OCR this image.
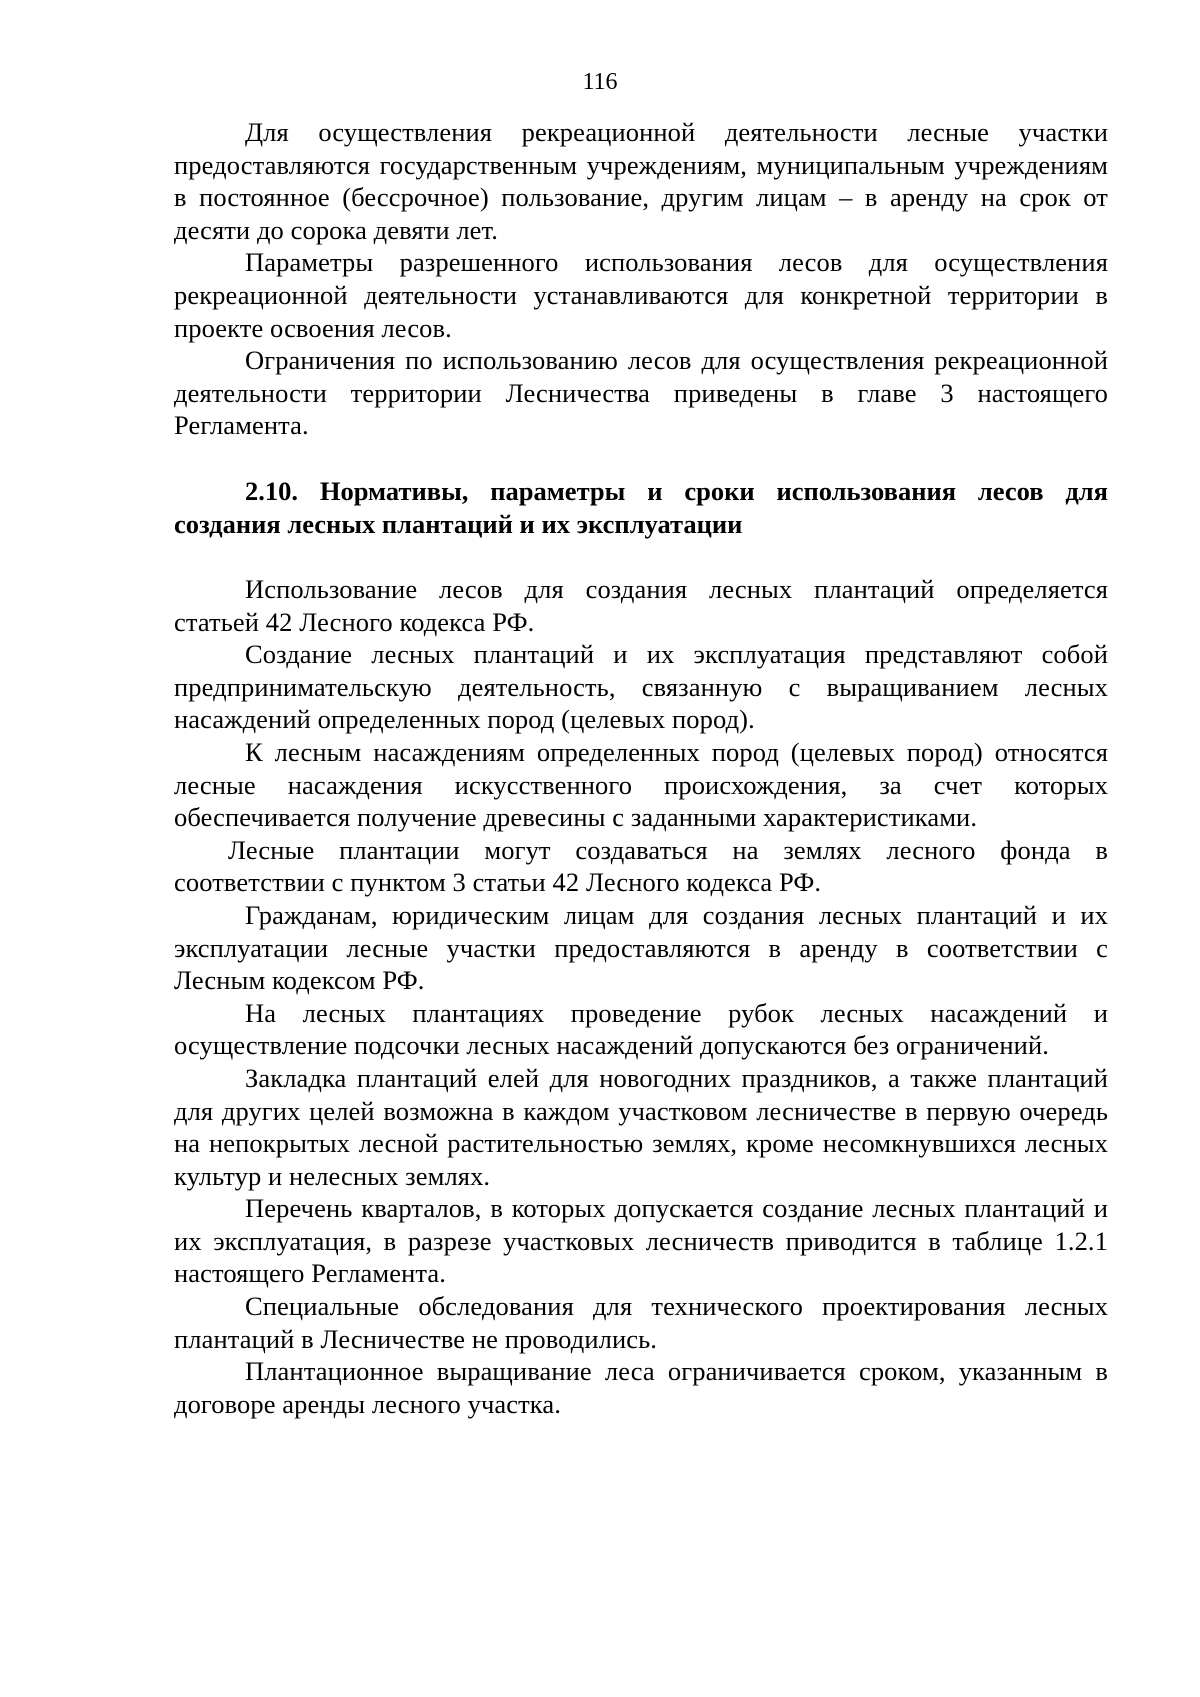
116

Для осуществления рекреационной деятельности лесные участки предоставляются государственным учреждениям, муниципальным учреждениям в постоянное (бессрочное) пользование, другим лицам – в аренду на срок от десяти до сорока девяти лет.

Параметры разрешенного использования лесов для осуществления рекреационной деятельности устанавливаются для конкретной территории в проекте освоения лесов.

Ограничения по использованию лесов для осуществления рекреационной деятельности территории Лесничества приведены в главе 3 настоящего Регламента.

2.10. Нормативы, параметры и сроки использования лесов для создания лесных плантаций и их эксплуатации

Использование лесов для создания лесных плантаций определяется статьей 42 Лесного кодекса РФ.

Создание лесных плантаций и их эксплуатация представляют собой предпринимательскую деятельность, связанную с выращиванием лесных насаждений определенных пород (целевых пород).

К лесным насаждениям определенных пород (целевых пород) относятся лесные насаждения искусственного происхождения, за счет которых обеспечивается получение древесины с заданными характеристиками.

Лесные плантации могут создаваться на землях лесного фонда в соответствии с пунктом 3 статьи 42 Лесного кодекса РФ.

Гражданам, юридическим лицам для создания лесных плантаций и их эксплуатации лесные участки предоставляются в аренду в соответствии с Лесным кодексом РФ.

На лесных плантациях проведение рубок лесных насаждений и осуществление подсочки лесных насаждений допускаются без ограничений.

Закладка плантаций елей для новогодних праздников, а также плантаций для других целей возможна в каждом участковом лесничестве в первую очередь на непокрытых лесной растительностью землях, кроме несомкнувшихся лесных культур и нелесных землях.

Перечень кварталов, в которых допускается создание лесных плантаций и их эксплуатация, в разрезе участковых лесничеств приводится в таблице 1.2.1 настоящего Регламента.

Специальные обследования для технического проектирования лесных плантаций в Лесничестве не проводились.

Плантационное выращивание леса ограничивается сроком, указанным в договоре аренды лесного участка.
